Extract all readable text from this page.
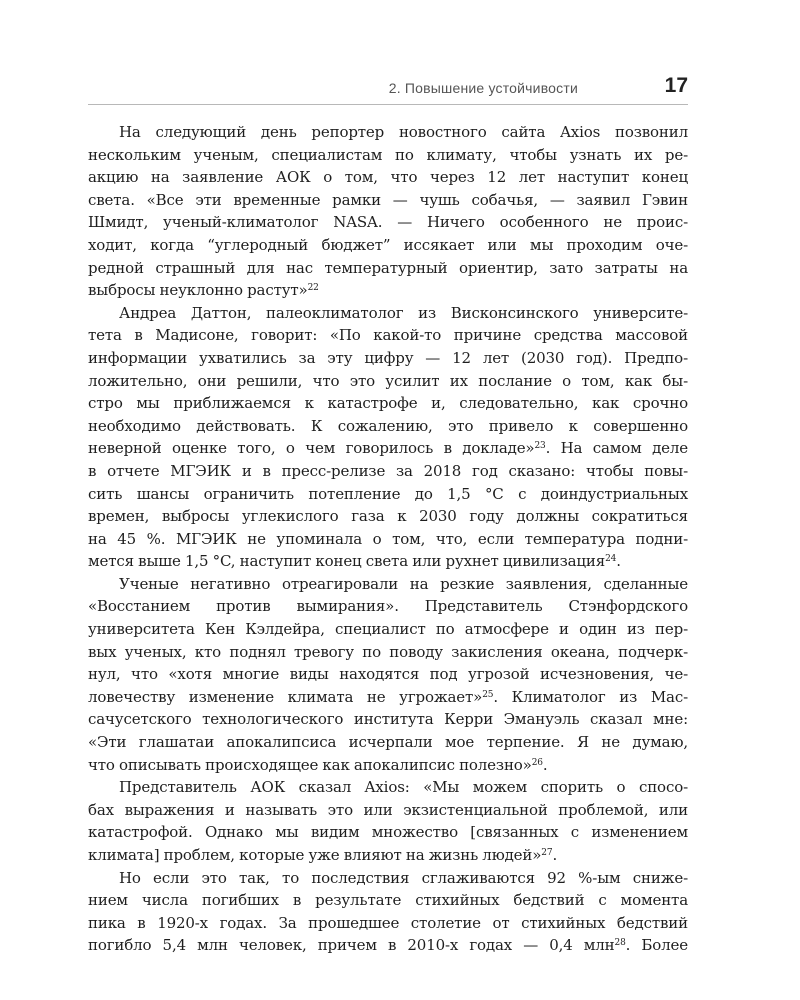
2. Повышение устойчивости	17
На следующий день репортер новостного сайта Axios позвонил
нескольким ученым, специалистам по климату, чтобы узнать их ре-
акцию на заявление АОК о том, что через 12 лет наступит конец
света. «Все эти временные рамки — чушь собачья, — заявил Гэвин
Шмидт, ученый-климатолог NASA. — Ничего особенного не проис-
ходит, когда “углеродный бюджет” иссякает или мы проходим оче-
редной страшный для нас температурный ориентир, зато затраты на
выбросы неуклонно растут»$^{22}$
Андреа Даттон, палеоклиматолог из Висконсинского университе-
тета в Мадисоне, говорит: «По какой-то причине средства массовой
информации ухватились за эту цифру — 12 лет (2030 год). Предпо-
ложительно, они решили, что это усилит их послание о том, как бы-
стро мы приближаемся к катастрофе и, следовательно, как срочно
необходимо действовать. К сожалению, это привело к совершенно
неверной оценке того, о чем говорилось в докладе»$^{23}$. На самом деле
в отчете МГЭИК и в пресс-релизе за 2018 год сказано: чтобы повы-
сить шансы ограничить потепление до 1,5 °C с доиндустриальных
времен, выбросы углекислого газа к 2030 году должны сократиться
на 45 %. МГЭИК не упоминала о том, что, если температура подни-
мется выше 1,5 °C, наступит конец света или рухнет цивилизация$^{24}$.
Ученые негативно отреагировали на резкие заявления, сделанные
«Восстанием против вымирания». Представитель Стэнфордского
университета Кен Кэлдейра, специалист по атмосфере и один из пер-
вых ученых, кто поднял тревогу по поводу закисления океана, подчерк-
нул, что «хотя многие виды находятся под угрозой исчезновения, че-
ловечеству изменение климата не угрожает»$^{25}$. Климатолог из Мас-
сачусетского технологического института Керри Эмануэль сказал мне:
«Эти глашатаи апокалипсиса исчерпали мое терпение. Я не думаю,
что описывать происходящее как апокалипсис полезно»$^{26}$.
Представитель АОК сказал Axios: «Мы можем спорить о спосо-
бах выражения и называть это или экзистенциальной проблемой, или
катастрофой. Однако мы видим множество [связанных с изменением
климата] проблем, которые уже влияют на жизнь людей»$^{27}$.
Но если это так, то последствия сглаживаются 92 %-ым сниже-
нием числа погибших в результате стихийных бедствий с момента
пика в 1920-х годах. За прошедшее столетие от стихийных бедствий
погибло 5,4 млн человек, причем в 2010-х годах — 0,4 млн$^{28}$. Более
